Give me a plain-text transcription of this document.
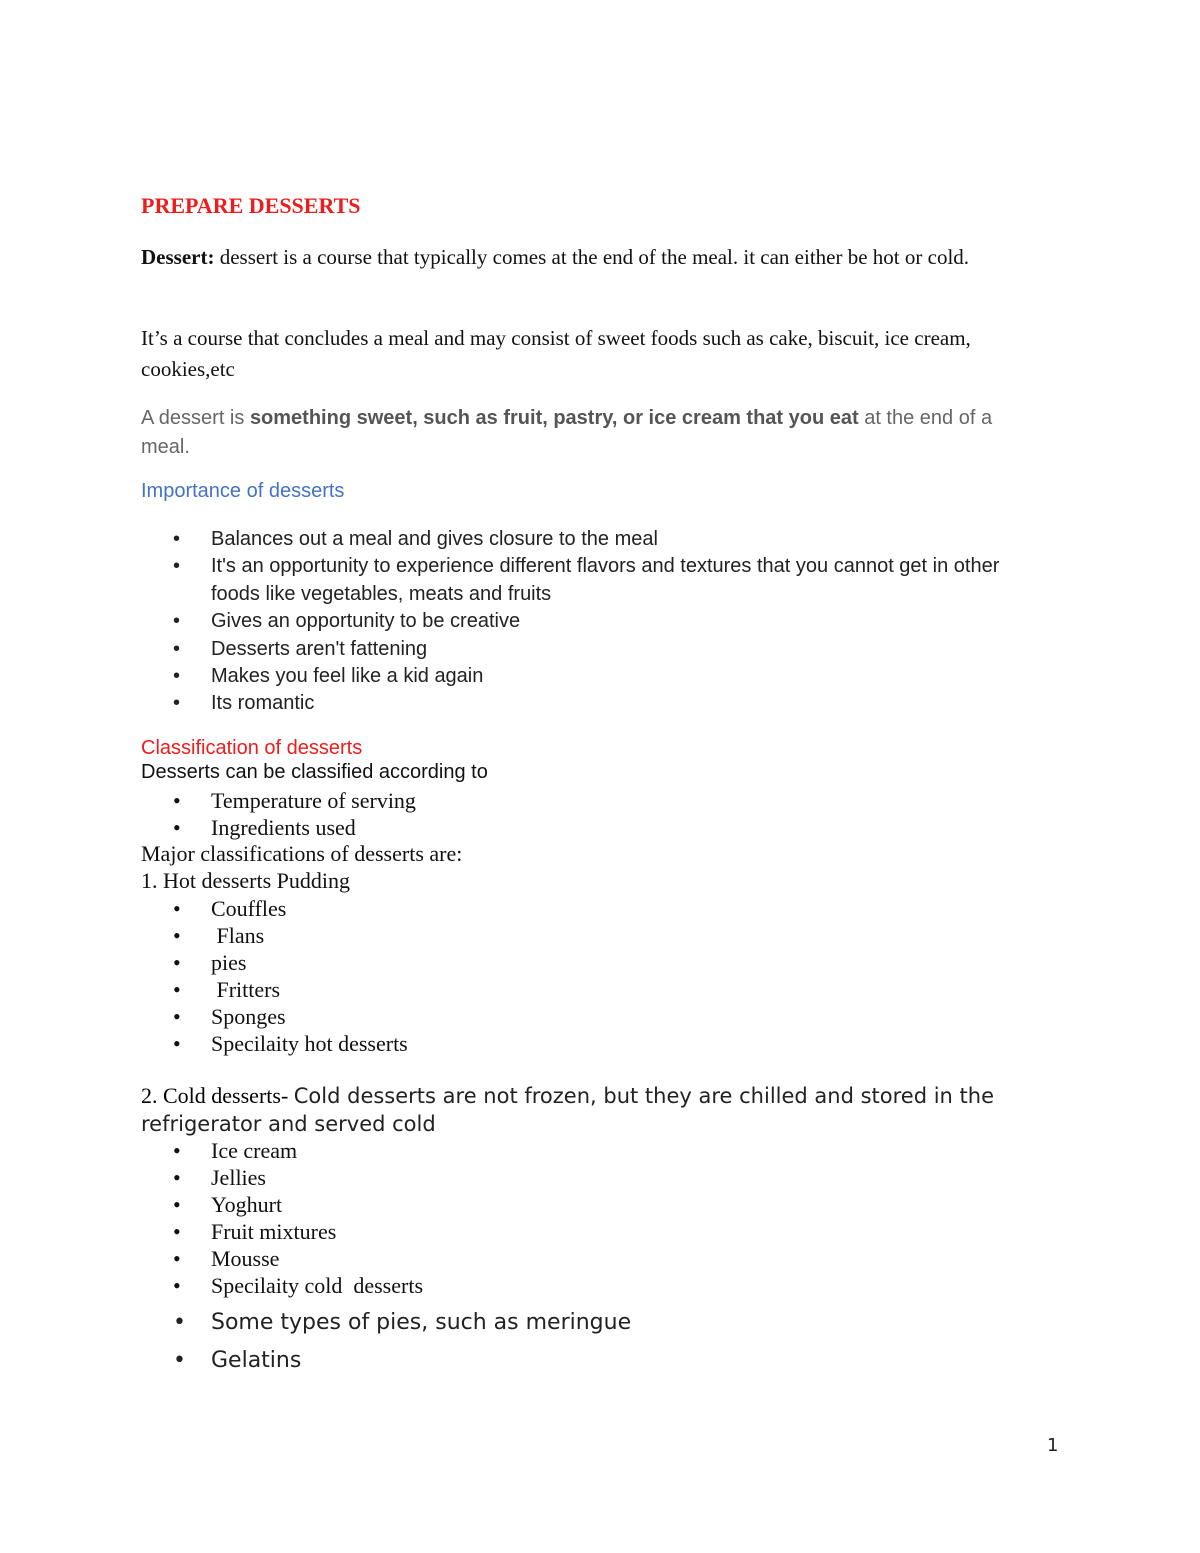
PREPARE DESSERTS
Dessert: dessert is a course that typically comes at the end of the meal. it can either be hot or cold.
It’s a course that concludes a meal and may consist of sweet foods such as cake, biscuit, ice cream, cookies,etc
A dessert is something sweet, such as fruit, pastry, or ice cream that you eat at the end of a meal.
Importance of desserts
• Balances out a meal and gives closure to the meal
• It's an opportunity to experience different flavors and textures that you cannot get in other foods like vegetables, meats and fruits
• Gives an opportunity to be creative
• Desserts aren't fattening
• Makes you feel like a kid again
• Its romantic
Classification of desserts
Desserts can be classified according to
• Temperature of serving
• Ingredients used
Major classifications of desserts are:
1. Hot desserts Pudding
• Couffles
•  Flans
• pies
•  Fritters
• Sponges
• Specilaity hot desserts
2. Cold desserts- Cold desserts are not frozen, but they are chilled and stored in the refrigerator and served cold
• Ice cream
• Jellies
• Yoghurt
• Fruit mixtures
• Mousse
• Specilaity cold  desserts
• Some types of pies, such as meringue
• Gelatins
1
